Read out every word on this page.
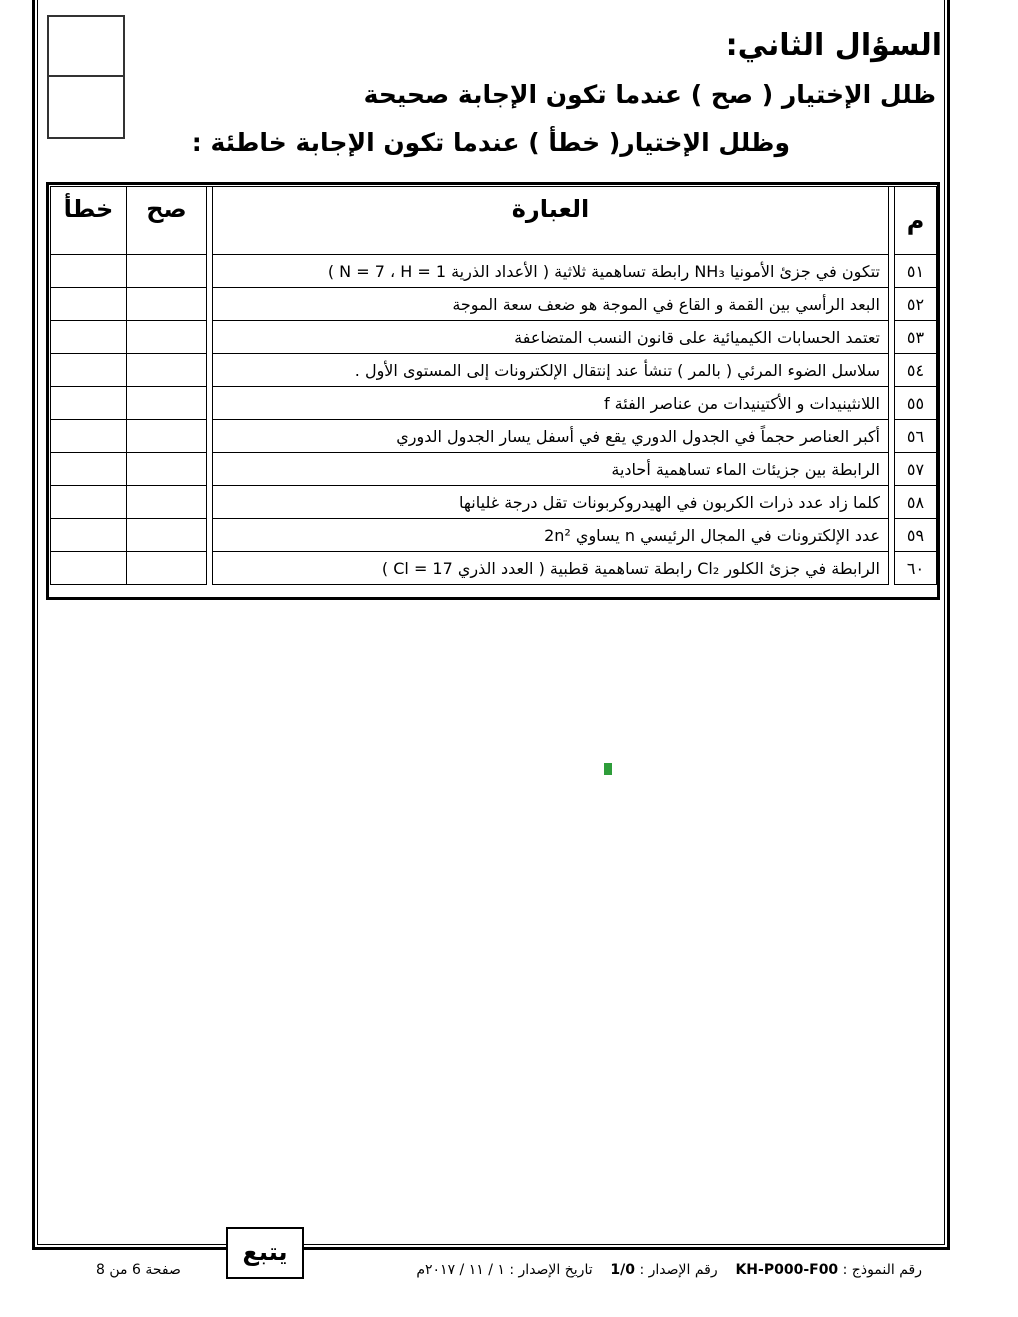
السؤال الثاني:
ظلل الإختيار ( صح ) عندما تكون الإجابة صحيحة
وظلل الإختيار( خطأ ) عندما تكون الإجابة خاطئة :
م		العبارة		صح	خطأ
٥١		تتكون في جزئ الأمونيا NH₃ رابطة تساهمية ثلاثية ( الأعداد الذرية N = 7 ، H = 1 )			
٥٢		البعد الرأسي بين القمة و القاع في الموجة هو ضعف سعة الموجة			
٥٣		تعتمد الحسابات الكيميائية على قانون النسب المتضاعفة			
٥٤		سلاسل الضوء المرئي ( بالمر ) تنشأ عند إنتقال الإلكترونات إلى المستوى الأول .			
٥٥		اللانثينيدات و الأكتينيدات من عناصر الفئة f			
٥٦		أكبر العناصر حجماً في الجدول الدوري يقع في أسفل يسار الجدول الدوري			
٥٧		الرابطة بين جزيئات الماء تساهمية أحادية			
٥٨		كلما زاد عدد ذرات الكربون في الهيدروكربونات تقل درجة غليانها			
٥٩		عدد الإلكترونات في المجال الرئيسي n يساوي 2n²			
٦٠		الرابطة في جزئ الكلور Cl₂ رابطة تساهمية قطبية ( العدد الذري Cl = 17 )			
يتبع
رقم النموذج : KH-P000-F00    رقم الإصدار : 1/0    تاريخ الإصدار : ١ / ١١ / ٢٠١٧م
صفحة 6 من 8
